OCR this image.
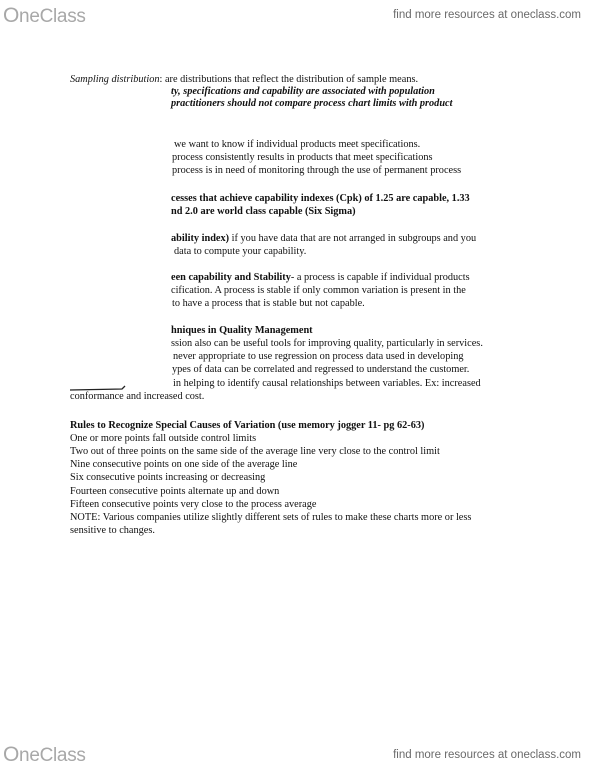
OneClass	find more resources at oneclass.com
Sampling distribution: are distributions that reflect the distribution of sample means.
ty, specifications and capability are associated with population
practitioners should not compare process chart limits with product
we want to know if individual products meet specifications.
process consistently results in products that meet specifications
process is in need of monitoring through the use of permanent process
cesses that achieve capability indexes (Cpk) of 1.25 are capable, 1.33
nd 2.0 are world class capable (Six Sigma)
ability index) if you have data that are not arranged in subgroups and you
data to compute your capability.
een capability and Stability- a process is capable if individual products
cification. A process is stable if only common variation is present in the
to have a process that is stable but not capable.
hniques in Quality Management
ssion also can be useful tools for improving quality, particularly in services.
never appropriate to use regression on process data used in developing
ypes of data can be correlated and regressed to understand the customer.
in helping to identify causal relationships between variables. Ex: increased
conformance and increased cost.
Rules to Recognize Special Causes of Variation (use memory jogger 11- pg 62-63)
One or more points fall outside control limits
Two out of three points on the same side of the average line very close to the control limit
Nine consecutive points on one side of the average line
Six consecutive points increasing or decreasing
Fourteen consecutive points alternate up and down
Fifteen consecutive points very close to the process average
NOTE: Various companies utilize slightly different sets of rules to make these charts more or less
sensitive to changes.
OneClass	find more resources at oneclass.com
